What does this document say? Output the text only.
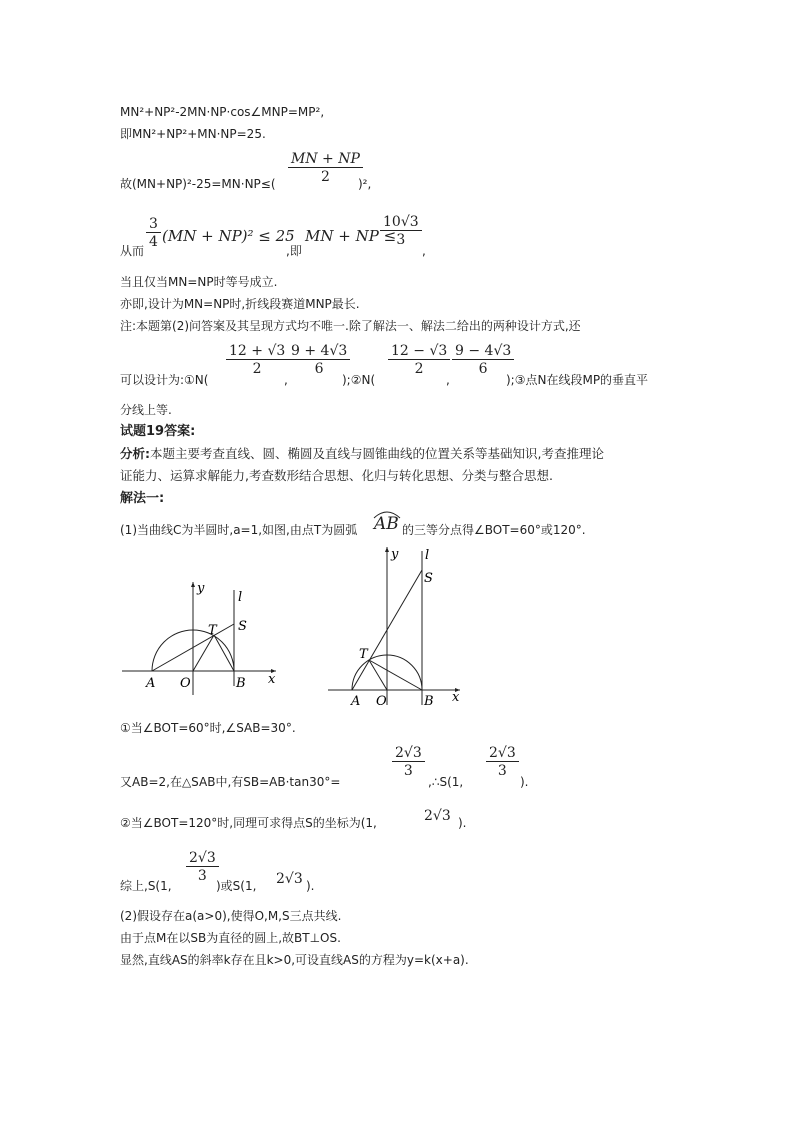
MN²+NP²-2MN·NP·cos∠MNP=MP²,
即MN²+NP²+MN·NP=25.
$\frac{MN + NP}{2}$
故(MN+NP)²-25=MN·NP≤(	)²,
从而
$\frac{3}{4} (MN + NP)^2 \le 25$
,即
MN + NP ≤
$\frac{10√3}{3}$
,
当且仅当MN=NP时等号成立.
亦即,设计为MN=NP时,折线段赛道MNP最长.
注:本题第(2)问答案及其呈现方式均不唯一.除了解法一、解法二给出的两种设计方式,还
可以设计为:①N(
$\frac{12 + √3}{2}$
,
$\frac{9 + 4√3}{6}$
);②N(
$\frac{12 - √3}{2}$
,
$\frac{9 - 4√3}{6}$
);③点N在线段MP的垂直平
分线上等.
试题19答案:
分析:本题主要考查直线、圆、椭圆及直线与圆锥曲线的位置关系等基础知识,考查推理论
证能力、运算求解能力,考查数形结合思想、化归与转化思想、分类与整合思想.
解法一:
(1)当曲线C为半圆时,a=1,如图,由点T为圆弧 AB 的三等分点得∠BOT=60°或120°.
A O	B
T S
x
y
l
A O	B
T
S
x
y l
①当∠BOT=60°时,∠SAB=30°.
又AB=2,在△SAB中,有SB=AB·tan30°=
$\frac{2√3}{3}$
,∴S(1,
$\frac{2√3}{3}$
).
②当∠BOT=120°时,同理可求得点S的坐标为(1,	2√3 ).
$\frac{2√3}{3}$
综上,S(1,	)或S(1, 2√3 ).
(2)假设存在a(a>0),使得O,M,S三点共线.
由于点M在以SB为直径的圆上,故BT⊥OS.
显然,直线AS的斜率k存在且k>0,可设直线AS的方程为y=k(x+a).
